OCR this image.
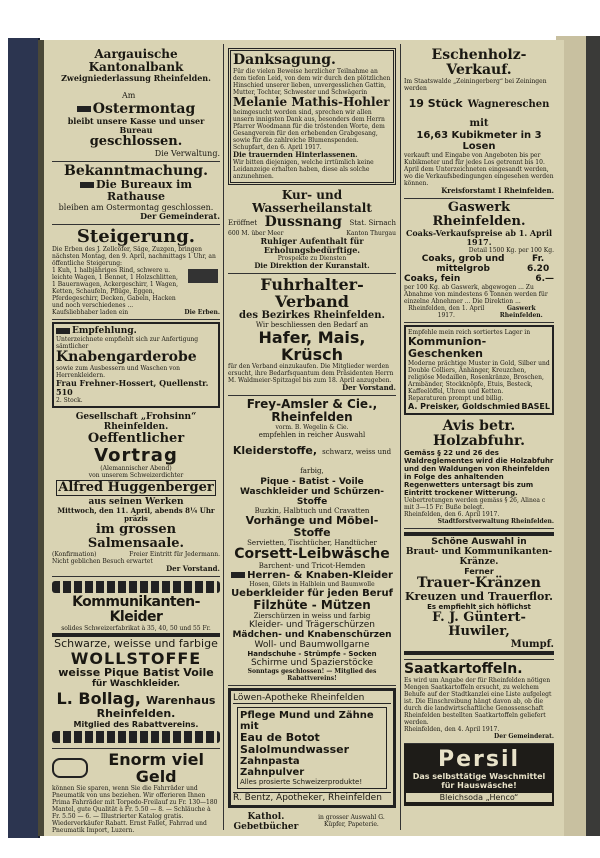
Aargauische Kantonalbank
Zweigniederlassung Rheinfelden.
Am
Ostermontag
bleibt unsere Kasse und unser Bureau
geschlossen.
Die Verwaltung.
Bekanntmachung.
Die Bureaux im Rathause
bleiben am Ostermontag geschlossen.
Der Gemeinderat.
Steigerung.
Die Erben des J. Zellcöfer, Säge, Zuzgen, bringen nächsten Montag, den 9. April, nachmittags 1 Uhr, an öffentliche Steigerung:
1 Kuh, 1 halbjähriges Rind, schwere u. leichte Wagen, 1 Bennet, 1 Holzschlitten, 1 Bauernwagen, Ackergeschirr, 1 Wagen, Ketten, Schaufeln, Pflüge, Eggen, Pferdegeschirr, Decken, Gabeln, Hacken und noch verschiedenes ...
Kaufsliebhaber laden ein	Die Erben.
Empfehlung.
Unterzeichnete empfiehlt sich zur Anfertigung sämtlicher
Knabengarderobe
sowie zum Ausbessern und Waschen von Herrenkleidern.
Frau Frehner-Hossert, Quellenstr. 510
2. Stock.
Gesellschaft „Frohsinn“ Rheinfelden.
Oeffentlicher
Vortrag
(Alemannischer Abend)
von unserem Schweizerdichter
Alfred Huggenberger
aus seinen Werken
Mittwoch, den 11. April, abends 8¼ Uhr präzis
im grossen Salmensaale.
(Konfirmation)	Freier Eintritt für Jedermann.
Nicht geblichen Besuch erwartet
Der Vorstand.
Kommunikanten-Kleider
solides Schweizerfabrikat à 35, 40, 50 und 55 Fr.
Schwarze, weisse und farbige
WOLLSTOFFE
weisse Pique Batist Voile
für Waschkleider.
L. Bollag, Warenhaus
Rheinfelden.
Mitglied des Rabattvereins.
Enorm viel Geld
können Sie sparen, wenn Sie die Fahrräder und Pneumatik von uns beziehen. Wir offerieren Ihnen Prima Fahrräder mit Torpedo-Freilauf zu Fr. 130—180 Mantel, gute Qualität à Fr. 5.50 — 8. — Schläuche à Fr. 5.50 — 6. — Illustrierter Katalog gratis. Wiederverkäufer Rabatt. Ernst Fallet, Fahrrad und Pneumatik Import, Luzern.
Danksagung.
Für die vielen Beweise herzlicher Teilnahme an dem tiefen Leid, von dem wir durch den plötzlichen Hinschied unserer lieben, unvergesslichen Gattin, Mutter, Tochter, Schwester und Schwägerin
Melanie Mathis-Hohler
heimgesucht worden sind, sprechen wir allen unsern innigsten Dank aus, besonders dem Herrn Pfarrer Woodmann für die tröstenden Worte, dem Gesangverein für den erhebenden Grabgesang, sowie für die zahlreiche Blumenspenden.
Schupfart, den 6. April 1917.
Die trauernden Hinterlassenen.
Wir bitten diejenigen, welche irrtümlich keine Leidanzeige erhalten haben, diese als solche anzunehmen.
Kur- und Wasserheilanstalt
Eröffnet Dussnang Stat. Sirnach
600 M. über Meer	Kanton Thurgau
Ruhiger Aufenthalt für Erholungsbedürftige.
Prospekte zu Diensten
Die Direktion der Kuranstalt.
Fuhrhalter-Verband
des Bezirkes Rheinfelden.
Wir beschliessen den Bedarf an
Hafer, Mais, Krüsch
für den Verband einzukaufen. Die Mitglieder werden ersucht, ihre Bedarfsquantum dem Präsidenten Herrn M. Waldmeier-Spitzagel bis zum 18. April anzugeben.
Der Vorstand.
Frey-Amsler & Cie., Rheinfelden
vorm. B. Wegelin & Cie.
empfehlen in reicher Auswahl
Kleiderstoffe, schwarz, weiss und farbig,
Pique - Batist - Voile
Waschkleider und Schürzen-Stoffe
Buzkin, Halbtuch und Cravatten
Vorhänge und Möbel-Stoffe
Servietten, Tischtücher, Handtücher
Corsett-Leibwäsche
Barchent- und Tricot-Hemden
Herren- & Knaben-Kleider
Hosen, Gilets in Halblein und Baumwolle
Ueberkleider für jeden Beruf
Filzhüte - Mützen
Zierschürzen in weiss und farbig
Kleider- und Trägerschürzen
Mädchen- und Knabenschürzen
Woll- und Baumwollgarne
Handschuhe - Strümpfe - Socken
Schirme und Spazierstöcke
Sonntags geschlossen! — Mitglied des Rabattvereins!
Löwen-Apotheke Rheinfelden
Pflege Mund und Zähne mit
Eau de Botot
Salolmundwasser
Zahnpasta
Zahnpulver
Alles prosierte Schweizerprodukte!
R. Bentz, Apotheker, Rheinfelden
Kathol. Gebetbücher
in grosser Auswahl G. Küpfer, Papeterie.
Eschenholz-Verkauf.
Im Staatswalde „Zeiningerberg“ bei Zeiningen werden
19 Stück Wagnereschen mit
16,63 Kubikmeter in 3 Losen
verkauft und Eingabe von Angeboten bis per Kubikmeter und für jedes Los getrennt bis 10. April dem Unterzeichneten eingesandt werden, wo die Verkaufsbedingungen eingesehen werden können.
Kreisforstamt I Rheinfelden.
Gaswerk Rheinfelden.
Coaks-Verkaufspreise ab 1. April 1917.
Detail 1500 Kg. per 100 Kg.
Coaks, grob und mittelgrob
Fr. 6.20
Coaks, fein	6.—
per 100 Kg. ab Gaswerk, abgewogen ... Zu Abnahme von mindestens 6 Tonnen werden für einzelne Abnehmer ... Die Direktion ...
Rheinfelden, den 1. April 1917.
Gaswerk Rheinfelden.
Empfehle mein reich sortiertes Lager in
Kommunion-Geschenken
Moderne prächtige Muster in Gold, Silber und Double Colliers, Anhänger, Kreuzchen, religiöse Medaillen, Rosenkränze, Broschen, Armbänder, Stockknöpfe, Etuis, Besteck, Kaffeelöffel, Uhren und Ketten.
Reparaturen prompt und billig.
A. Preisker, Goldschmied BASEL
Avis betr. Holzabfuhr.
Gemäss § 22 und 26 des Waldreglementes wird die Holzabfuhr und den Waldungen von Rheinfelden in Folge des anhaltenden Regenwetters untersagt bis zum Eintritt trockener Witterung.
Uebertretungen werden gemäss § 26, Alinea c mit 3—15 Fr. Buße belegt.
Rheinfelden, den 6. April 1917.
Stadtforstverwaltung Rheinfelden.
Schöne Auswahl in
Braut- und Kommunikanten-Kränze.
Ferner
Trauer-Kränzen
Kreuzen und Trauerflor.
Es empfiehlt sich höflichst
F. J. Güntert-Huwiler,
Mumpf.
Saatkartoffeln.
Es wird um Angabe der für Rheinfelden nötigen Mengen Saatkartoffeln ersucht, zu welchem Behufe auf der Stadtkanzlei eine Liste aufgelegt ist. Die Einschreibung hängt davon ab, ob die durch die landwirtschaftliche Genossenschaft Rheinfelden bestellten Saatkartoffeln geliefert werden.
Rheinfelden, den 4. April 1917.
Der Gemeinderat.
Persil
Das selbsttätige Waschmittel für Hauswäsche!
Bleichsoda „Henco“
